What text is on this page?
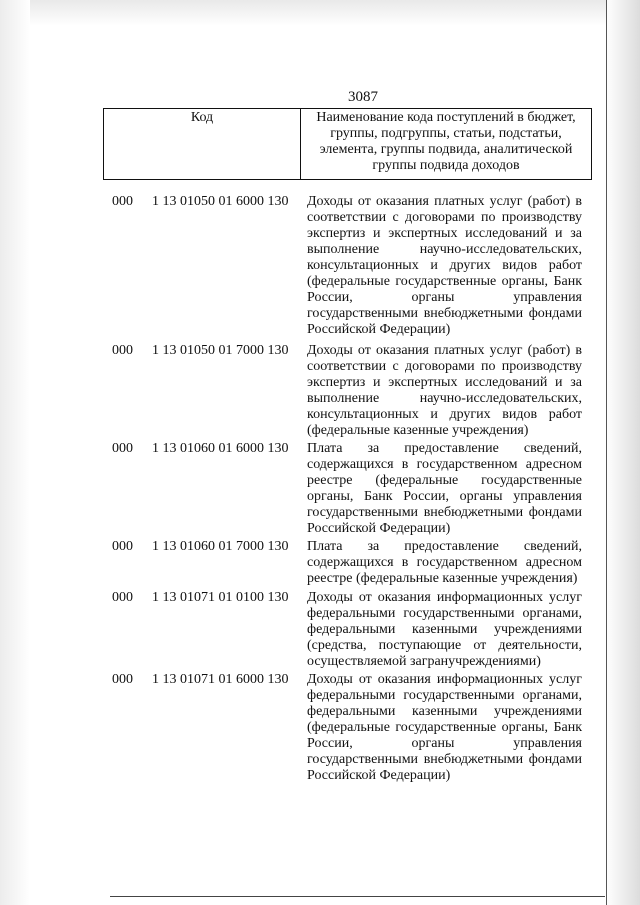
3087
Код	Наименование кода поступлений в бюджет, группы, подгруппы, статьи, подстатьи, элемента, группы подвида, аналитической группы подвида доходов
000	1 13 01050 01 6000 130	Доходы от оказания платных услуг (работ) в соответствии с договорами по производству экспертиз и экспертных исследований и за выполнение научно-исследовательских, консультационных и других видов работ (федеральные государственные органы, Банк России, органы управления государственными внебюджетными фондами Российской Федерации)
000	1 13 01050 01 7000 130	Доходы от оказания платных услуг (работ) в соответствии с договорами по производству экспертиз и экспертных исследований и за выполнение научно-исследовательских, консультационных и других видов работ (федеральные казенные учреждения)
000	1 13 01060 01 6000 130	Плата за предоставление сведений, содержащихся в государственном адресном реестре (федеральные государственные органы, Банк России, органы управления государственными внебюджетными фондами Российской Федерации)
000	1 13 01060 01 7000 130	Плата за предоставление сведений, содержащихся в государственном адресном реестре (федеральные казенные учреждения)
000	1 13 01071 01 0100 130	Доходы от оказания информационных услуг федеральными государственными органами, федеральными казенными учреждениями (средства, поступающие от деятельности, осуществляемой загранучреждениями)
000	1 13 01071 01 6000 130	Доходы от оказания информационных услуг федеральными государственными органами, федеральными казенными учреждениями (федеральные государственные органы, Банк России, органы управления государственными внебюджетными фондами Российской Федерации)
